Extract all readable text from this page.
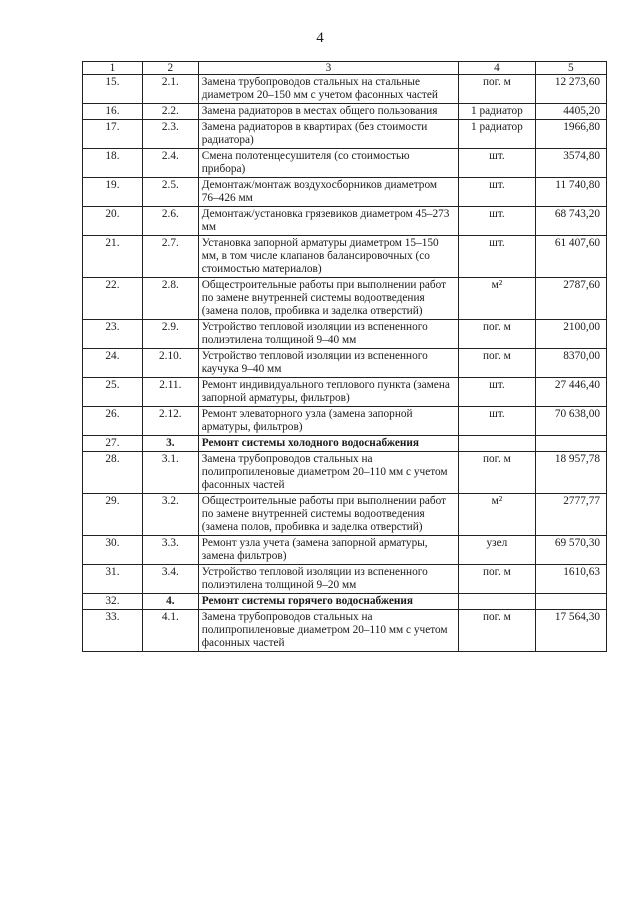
4
1	2	3	4	5
15.	2.1.	Замена трубопроводов стальных на стальные диаметром 20–150 мм с учетом фасонных частей	пог. м	12 273,60
16.	2.2.	Замена радиаторов в местах общего пользования	1 радиатор	4405,20
17.	2.3.	Замена радиаторов в квартирах (без стоимости радиатора)	1 радиатор	1966,80
18.	2.4.	Смена полотенцесушителя (со стоимостью прибора)	шт.	3574,80
19.	2.5.	Демонтаж/монтаж воздухосборников диаметром 76–426 мм	шт.	11 740,80
20.	2.6.	Демонтаж/установка грязевиков диаметром 45–273 мм	шт.	68 743,20
21.	2.7.	Установка запорной арматуры диаметром 15–150 мм, в том числе клапанов балансировочных (со стоимостью материалов)	шт.	61 407,60
22.	2.8.	Общестроительные работы при выполнении работ по замене внутренней системы водоотведения (замена полов, пробивка и заделка отверстий)	м²	2787,60
23.	2.9.	Устройство тепловой изоляции из вспененного полиэтилена толщиной 9–40 мм	пог. м	2100,00
24.	2.10.	Устройство тепловой изоляции из вспененного каучука 9–40 мм	пог. м	8370,00
25.	2.11.	Ремонт индивидуального теплового пункта (замена запорной арматуры, фильтров)	шт.	27 446,40
26.	2.12.	Ремонт элеваторного узла (замена запорной арматуры, фильтров)	шт.	70 638,00
27.	3.	Ремонт системы холодного водоснабжения		
28.	3.1.	Замена трубопроводов стальных на полипропиленовые диаметром 20–110 мм с учетом фасонных частей	пог. м	18 957,78
29.	3.2.	Общестроительные работы при выполнении работ по замене внутренней системы водоотведения (замена полов, пробивка и заделка отверстий)	м²	2777,77
30.	3.3.	Ремонт узла учета (замена запорной арматуры, замена фильтров)	узел	69 570,30
31.	3.4.	Устройство тепловой изоляции из вспененного полиэтилена толщиной 9–20 мм	пог. м	1610,63
32.	4.	Ремонт системы горячего водоснабжения		
33.	4.1.	Замена трубопроводов стальных на полипропиленовые диаметром 20–110 мм с учетом фасонных частей	пог. м	17 564,30
